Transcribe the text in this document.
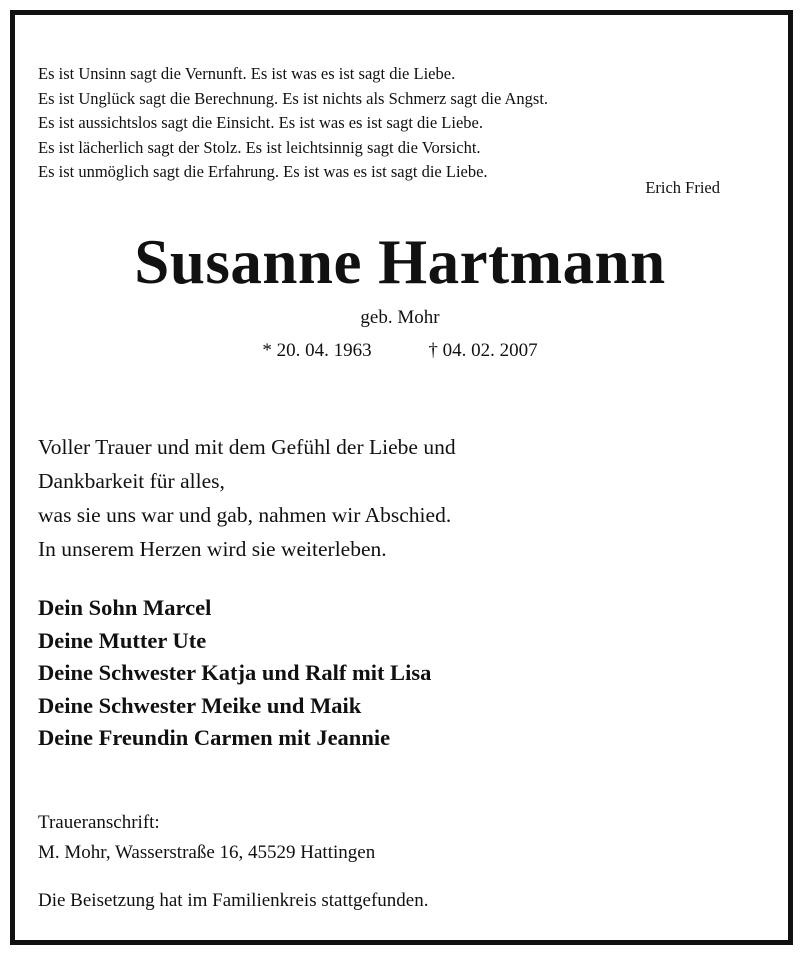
Es ist Unsinn sagt die Vernunft. Es ist was es ist sagt die Liebe.
Es ist Unglück sagt die Berechnung. Es ist nichts als Schmerz sagt die Angst.
Es ist aussichtslos sagt die Einsicht. Es ist was es ist sagt die Liebe.
Es ist lächerlich sagt der Stolz. Es ist leichtsinnig sagt die Vorsicht.
Es ist unmöglich sagt die Erfahrung. Es ist was es ist sagt die Liebe.
Erich Fried
Susanne Hartmann
geb. Mohr
* 20. 04. 1963	† 04. 02. 2007
Voller Trauer und mit dem Gefühl der Liebe und
Dankbarkeit für alles,
was sie uns war und gab, nahmen wir Abschied.
In unserem Herzen wird sie weiterleben.
Dein Sohn Marcel
Deine Mutter Ute
Deine Schwester Katja und Ralf mit Lisa
Deine Schwester Meike und Maik
Deine Freundin Carmen mit Jeannie
Traueranschrift:
M. Mohr, Wasserstraße 16, 45529 Hattingen
Die Beisetzung hat im Familienkreis stattgefunden.
